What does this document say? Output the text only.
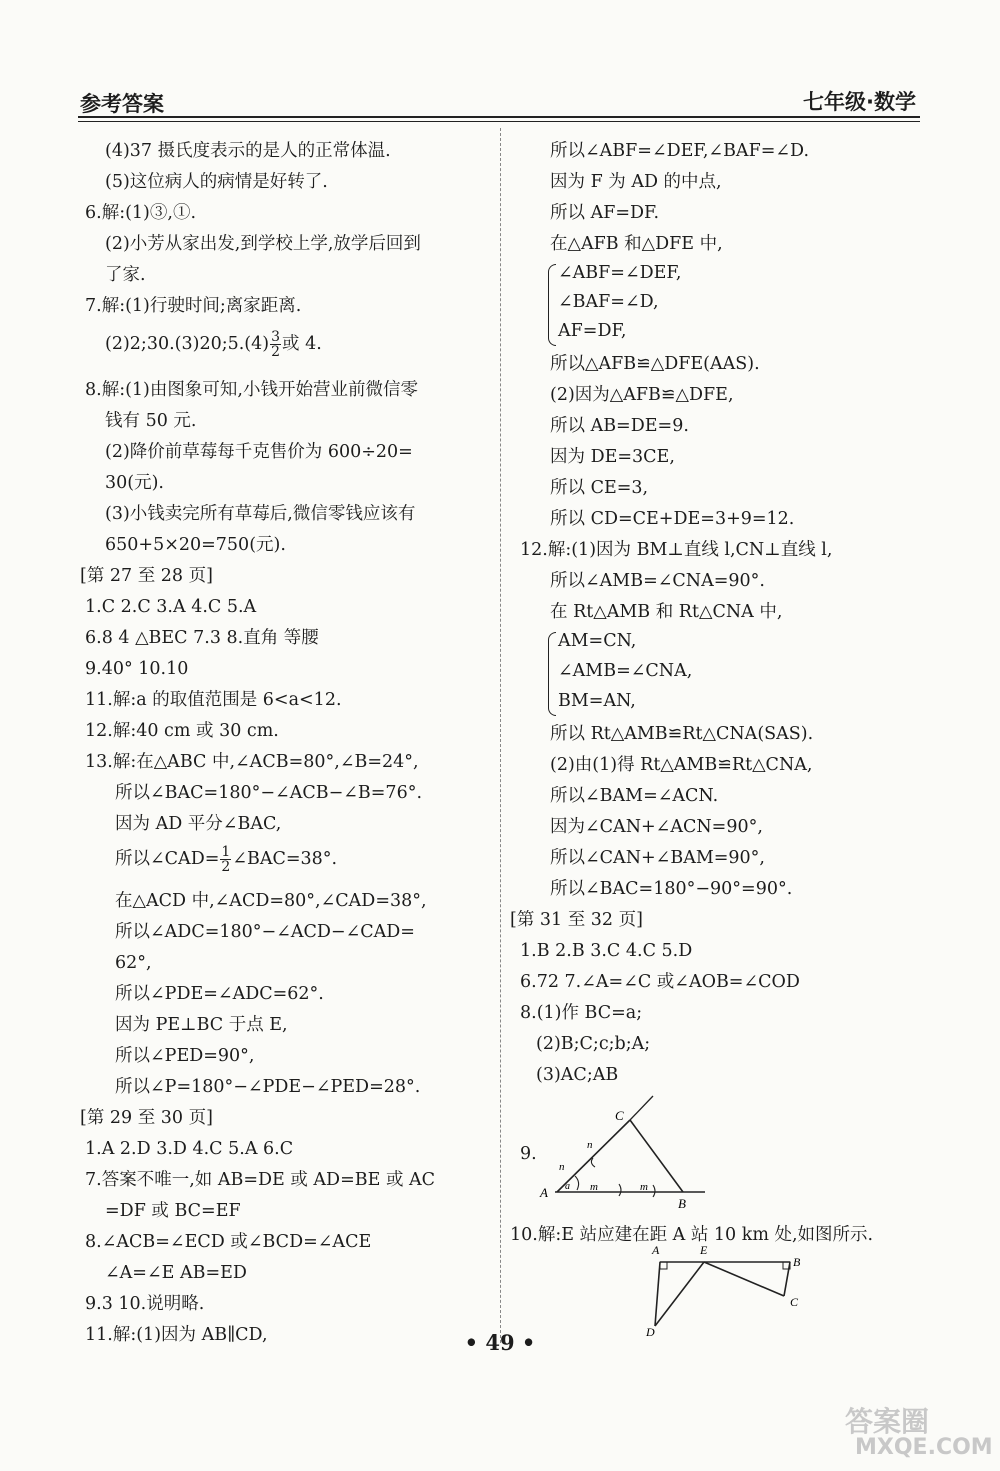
参考答案	七年级·数学
(4)37 摄氏度表示的是人的正常体温.
(5)这位病人的病情是好转了.
6.解:(1)③,①.
(2)小芳从家出发,到学校上学,放学后回到
了家.
7.解:(1)行驶时间;离家距离.
(2)2;30.(3)20;5.(4) $\frac{3}{2}$ 或 4.
8.解:(1)由图象可知,小钱开始营业前微信零
钱有 50 元.
(2)降价前草莓每千克售价为 600÷20=
30(元).
(3)小钱卖完所有草莓后,微信零钱应该有
650+5×20=750(元).
[第 27 至 28 页]
1.C 2.C 3.A 4.C 5.A
6.8 4 △BEC 7.3 8.直角 等腰
9.40° 10.10
11.解:a 的取值范围是 6<a<12.
12.解:40 cm 或 30 cm.
13.解:在△ABC 中,∠ACB=80°,∠B=24°,
所以∠BAC=180°−∠ACB−∠B=76°.
因为 AD 平分∠BAC,
所以∠CAD= $\frac{1}{2}$ ∠BAC=38°.
在△ACD 中,∠ACD=80°,∠CAD=38°,
所以∠ADC=180°−∠ACD−∠CAD=
62°,
所以∠PDE=∠ADC=62°.
因为 PE⊥BC 于点 E,
所以∠PED=90°,
所以∠P=180°−∠PDE−∠PED=28°.
[第 29 至 30 页]
1.A 2.D 3.D 4.C 5.A 6.C
7.答案不唯一,如 AB=DE 或 AD=BE 或 AC
=DF 或 BC=EF
8.∠ACB=∠ECD 或∠BCD=∠ACE
∠A=∠E AB=ED
9.3 10.说明略.
11.解:(1)因为 AB∥CD,
所以∠ABF=∠DEF,∠BAF=∠D.
因为 F 为 AD 的中点,
所以 AF=DF.
在△AFB 和△DFE 中,
∠ABF=∠DEF,
∠BAF=∠D,
AF=DF,
所以△AFB≌△DFE(AAS).
(2)因为△AFB≌△DFE,
所以 AB=DE=9.
因为 DE=3CE,
所以 CE=3,
所以 CD=CE+DE=3+9=12.
12.解:(1)因为 BM⊥直线 l,CN⊥直线 l,
所以∠AMB=∠CNA=90°.
在 Rt△AMB 和 Rt△CNA 中,
AM=CN,
∠AMB=∠CNA,
BM=AN,
所以 Rt△AMB≌Rt△CNA(SAS).
(2)由(1)得 Rt△AMB≌Rt△CNA,
所以∠BAM=∠ACN.
因为∠CAN+∠ACN=90°,
所以∠CAN+∠BAM=90°,
所以∠BAC=180°−90°=90°.
[第 31 至 32 页]
1.B 2.B 3.C 4.C 5.D
6.72 7.∠A=∠C 或∠AOB=∠COD
8.(1)作 BC=a;
(2)B;C;c;b;A;
(3)AC;AB
9.
10.解:E 站应建在距 A 站 10 km 处,如图所示.
A
B
C
m	m
n
n
a
A	E
B
C
D
• 49 •
答案圈
MXQE.COM
